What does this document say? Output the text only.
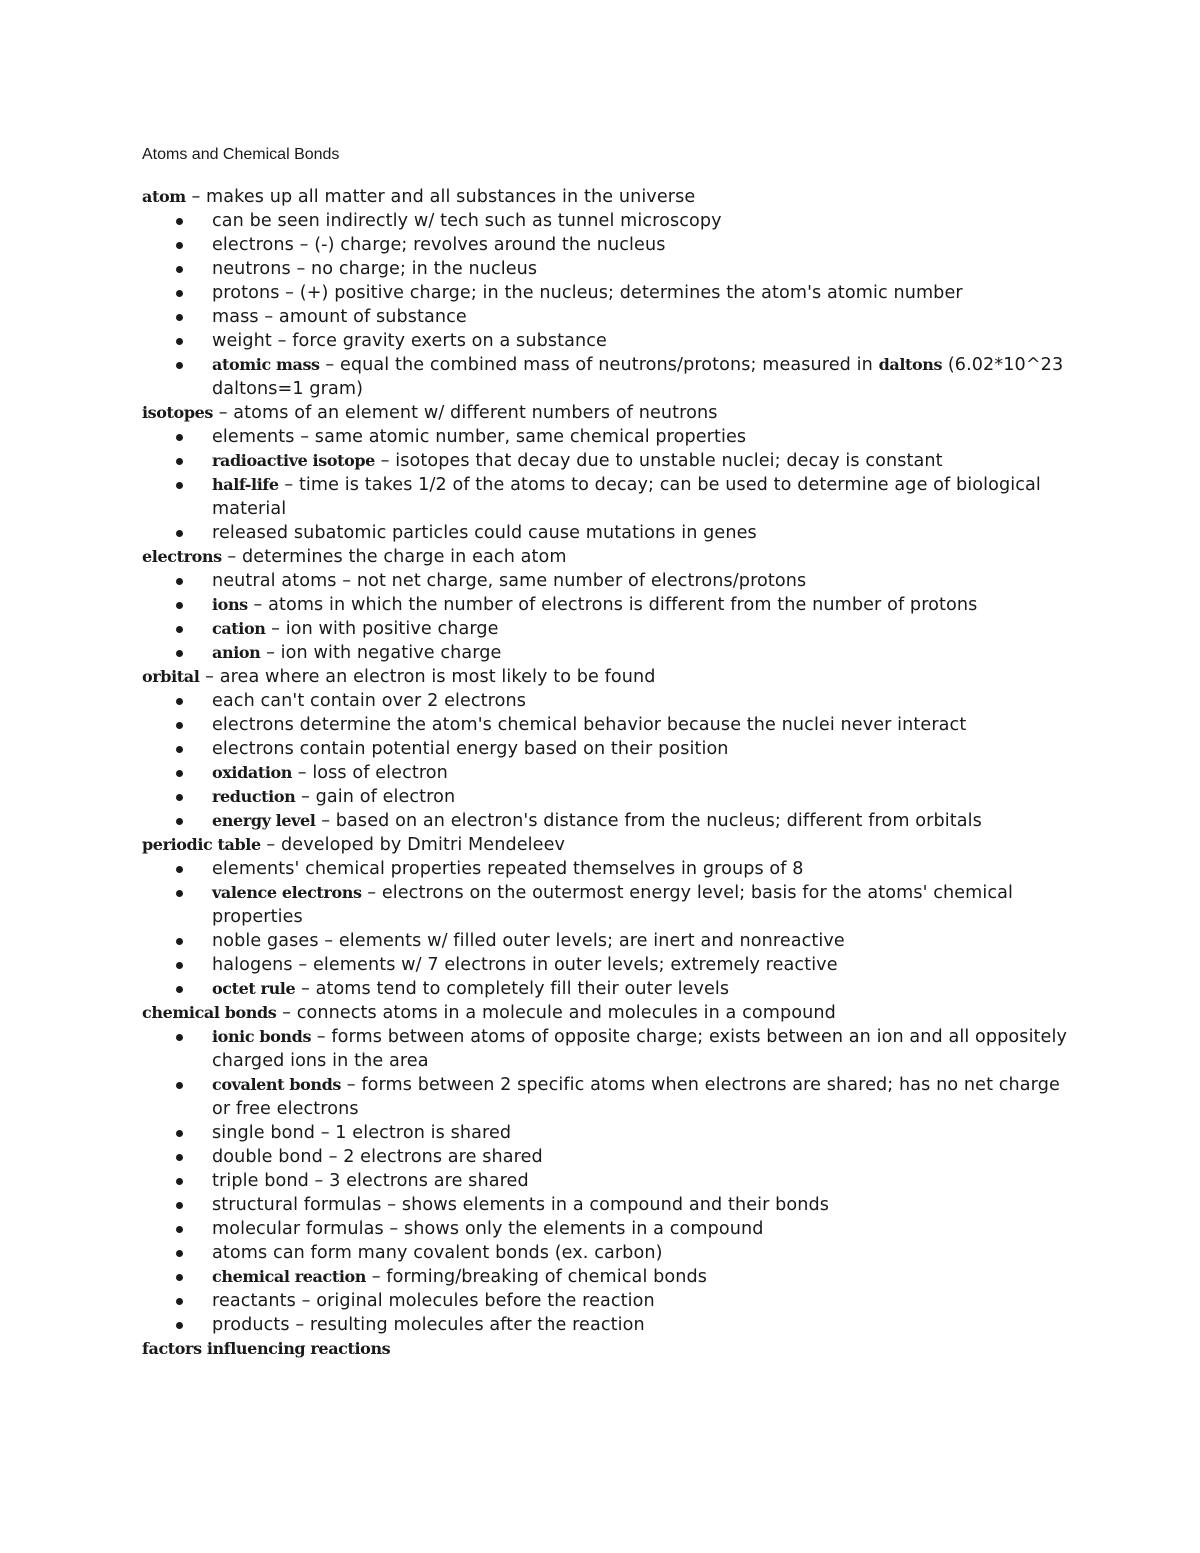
Atoms and Chemical Bonds
atom – makes up all matter and all substances in the universe
can be seen indirectly w/ tech such as tunnel microscopy
electrons – (-) charge; revolves around the nucleus
neutrons – no charge; in the nucleus
protons – (+) positive charge; in the nucleus; determines the atom's atomic number
mass – amount of substance
weight – force gravity exerts on a substance
atomic mass – equal the combined mass of neutrons/protons; measured in daltons (6.02*10^23 daltons=1 gram)
isotopes – atoms of an element w/ different numbers of neutrons
elements – same atomic number, same chemical properties
radioactive isotope – isotopes that decay due to unstable nuclei; decay is constant
half-life – time is takes 1/2 of the atoms to decay; can be used to determine age of biological material
released subatomic particles could cause mutations in genes
electrons – determines the charge in each atom
neutral atoms – not net charge, same number of electrons/protons
ions – atoms in which the number of electrons is different from the number of protons
cation – ion with positive charge
anion – ion with negative charge
orbital – area where an electron is most likely to be found
each can't contain over 2 electrons
electrons determine the atom's chemical behavior because the nuclei never interact
electrons contain potential energy based on their position
oxidation – loss of electron
reduction – gain of electron
energy level – based on an electron's distance from the nucleus; different from orbitals
periodic table – developed by Dmitri Mendeleev
elements' chemical properties repeated themselves in groups of 8
valence electrons – electrons on the outermost energy level; basis for the atoms' chemical properties
noble gases – elements w/ filled outer levels; are inert and nonreactive
halogens – elements w/ 7 electrons in outer levels; extremely reactive
octet rule – atoms tend to completely fill their outer levels
chemical bonds – connects atoms in a molecule and molecules in a compound
ionic bonds – forms between atoms of opposite charge; exists between an ion and all oppositely charged ions in the area
covalent bonds – forms between 2 specific atoms when electrons are shared; has no net charge or free electrons
single bond – 1 electron is shared
double bond – 2 electrons are shared
triple bond – 3 electrons are shared
structural formulas – shows elements in a compound and their bonds
molecular formulas – shows only the elements in a compound
atoms can form many covalent bonds (ex. carbon)
chemical reaction – forming/breaking of chemical bonds
reactants – original molecules before the reaction
products – resulting molecules after the reaction
factors influencing reactions
